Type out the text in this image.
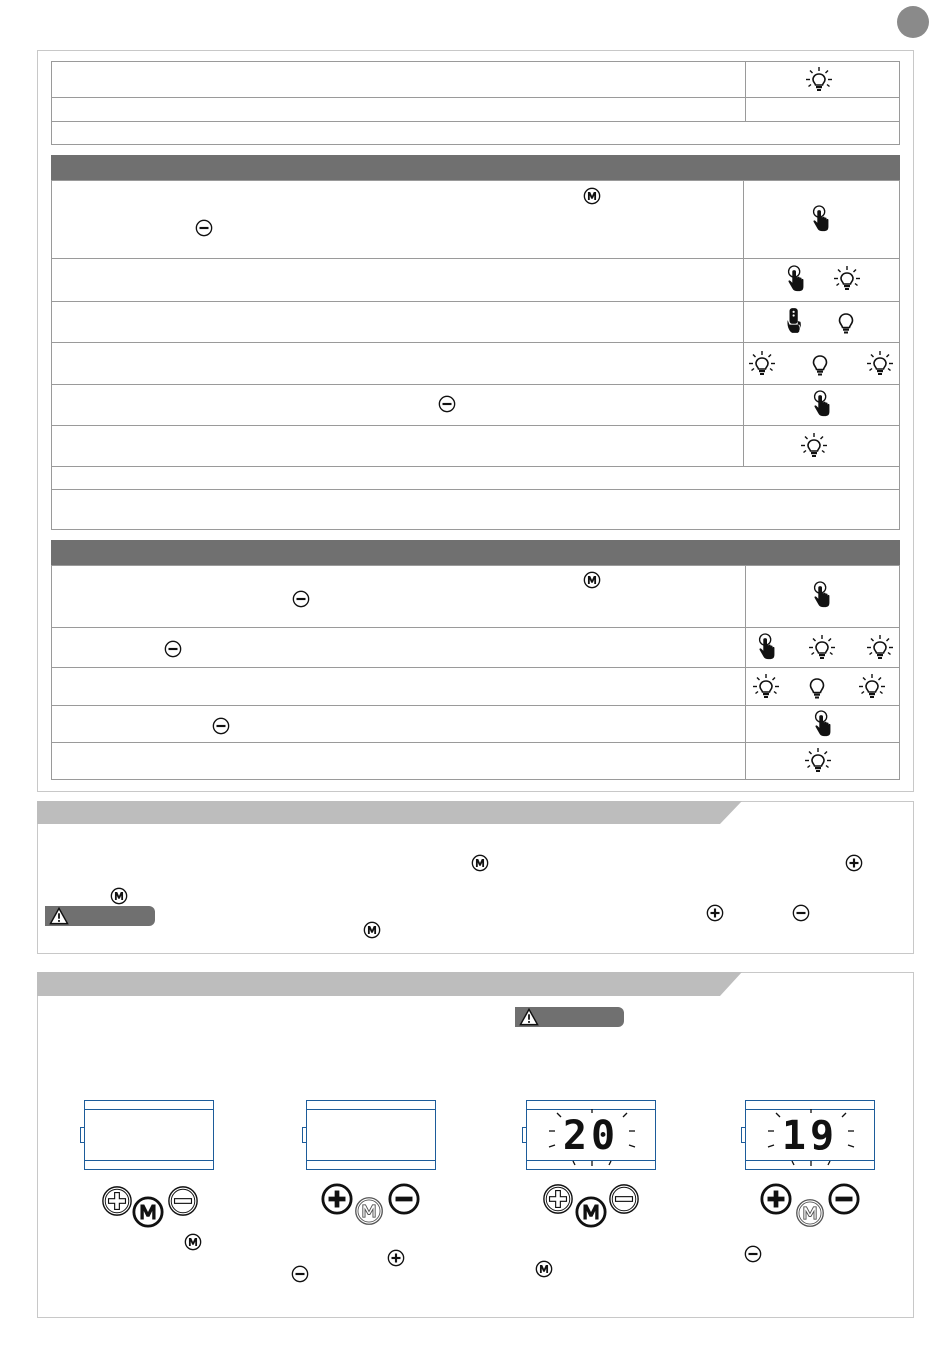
20	19
